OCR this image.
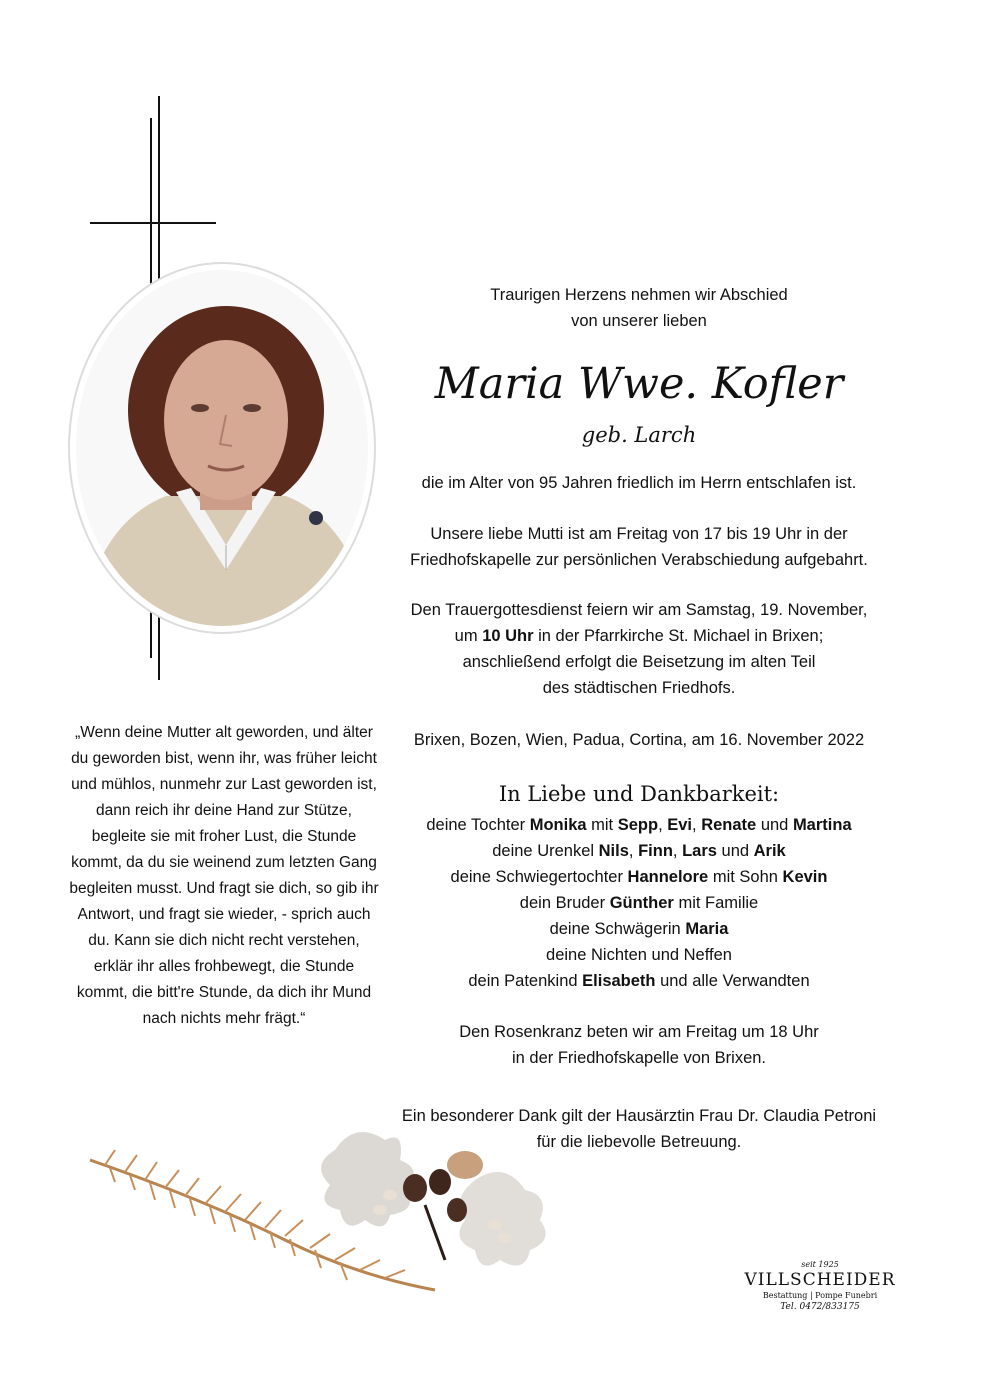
Traurigen Herzens nehmen wir Abschied

von unserer lieben

Maria Wwe. Kofler
geb. Larch

die im Alter von 95 Jahren friedlich im Herrn entschlafen ist.

Unsere liebe Mutti ist am Freitag von 17 bis 19 Uhr in der

Friedhofskapelle zur persönlichen Verabschiedung aufgebahrt.

Den Trauergottesdienst feiern wir am Samstag, 19. November,

um 10 Uhr in der Pfarrkirche St. Michael in Brixen;

anschließend erfolgt die Beisetzung im alten Teil

des städtischen Friedhofs.

Brixen, Bozen, Wien, Padua, Cortina, am 16. November 2022

In Liebe und Dankbarkeit:

deine Tochter Monika mit Sepp, Evi, Renate und Martina

deine Urenkel Nils, Finn, Lars und Arik

deine Schwiegertochter Hannelore mit Sohn Kevin

dein Bruder Günther mit Familie

deine Schwägerin Maria

deine Nichten und Neffen

dein Patenkind Elisabeth und alle Verwandten

Den Rosenkranz beten wir am Freitag um 18 Uhr

in der Friedhofskapelle von Brixen.

Ein besonderer Dank gilt der Hausärztin Frau Dr. Claudia Petroni

für die liebevolle Betreuung.

„Wenn deine Mutter alt geworden, und älter

du geworden bist, wenn ihr, was früher leicht

und mühlos, nunmehr zur Last geworden ist,

dann reich ihr deine Hand zur Stütze,

begleite sie mit froher Lust, die Stunde

kommt, da du sie weinend zum letzten Gang

begleiten musst. Und fragt sie dich, so gib ihr

Antwort, und fragt sie wieder, - sprich auch

du. Kann sie dich nicht recht verstehen,

erklär ihr alles frohbewegt, die Stunde

kommt, die bitt're Stunde, da dich ihr Mund

nach nichts mehr frägt.“

seit 1925
VILLSCHEIDER
Bestattung | Pompe Funebri
Tel. 0472/833175
